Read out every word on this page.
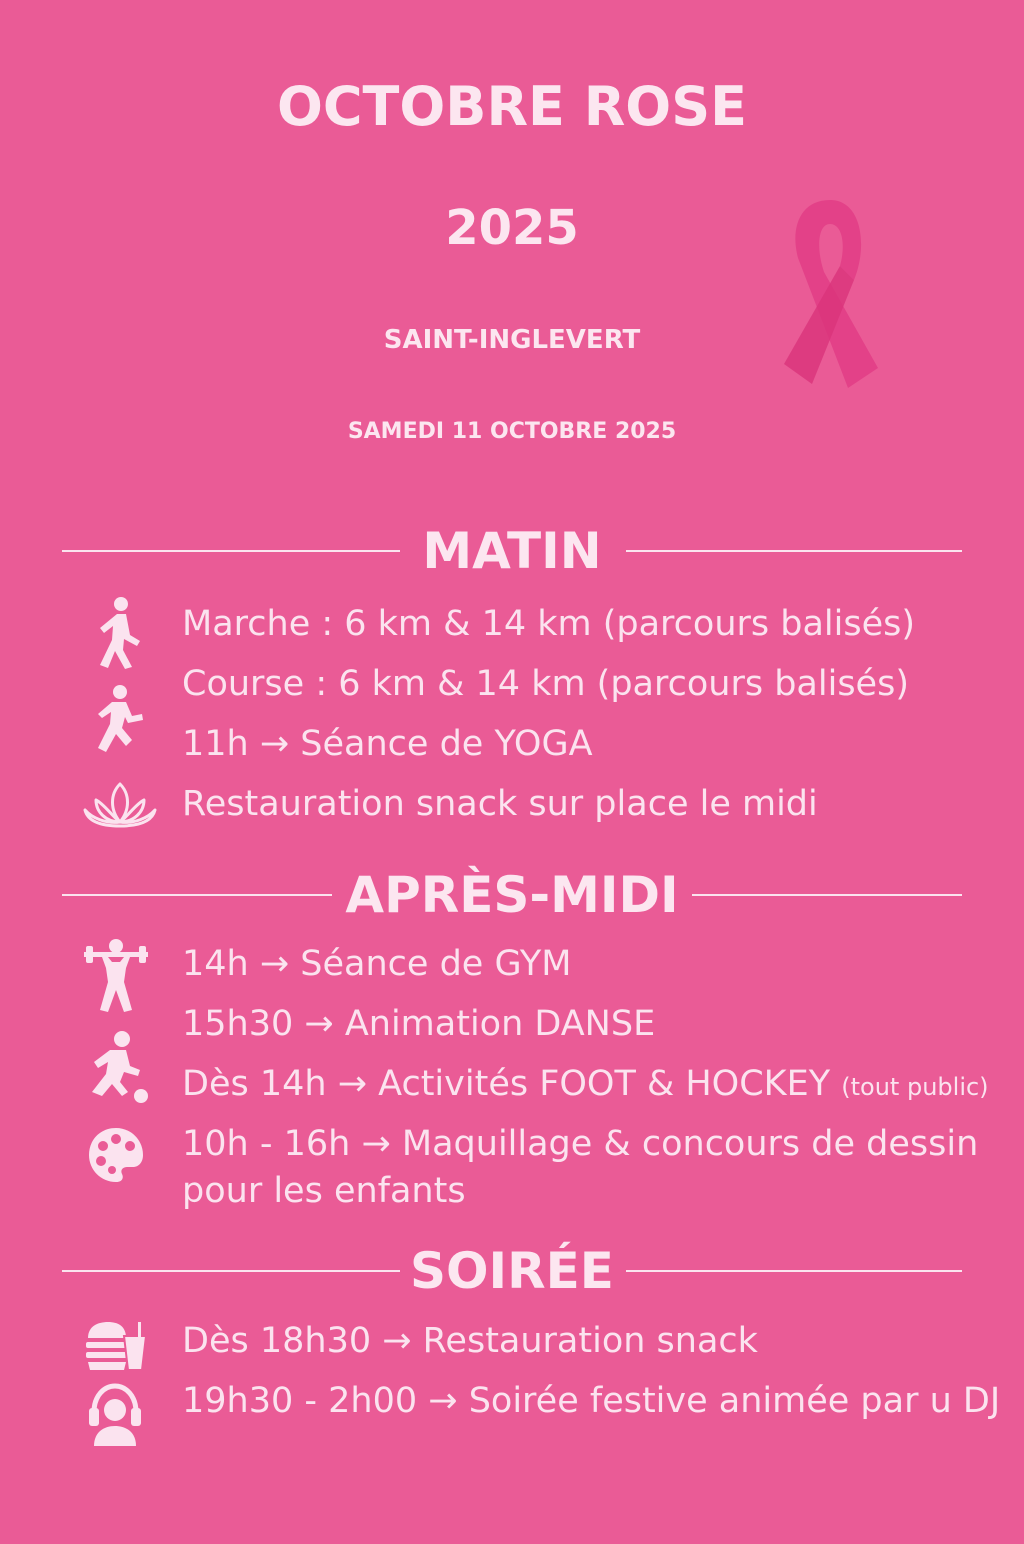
OCTOBRE ROSE
2025
SAINT-INGLEVERT
SAMEDI 11 OCTOBRE 2025
MATIN
Marche : 6 km & 14 km (parcours balisés)
Course : 6 km & 14 km (parcours balisés)
11h → Séance de YOGA
Restauration snack sur place le midi
APRÈS-MIDI
14h → Séance de GYM
15h30 → Animation DANSE
Dès 14h → Activités FOOT & HOCKEY (tout public)
10h - 16h → Maquillage & concours de dessin
pour les enfants
SOIRÉE
Dès 18h30 → Restauration snack
19h30 - 2h00 → Soirée festive animée par u DJ
